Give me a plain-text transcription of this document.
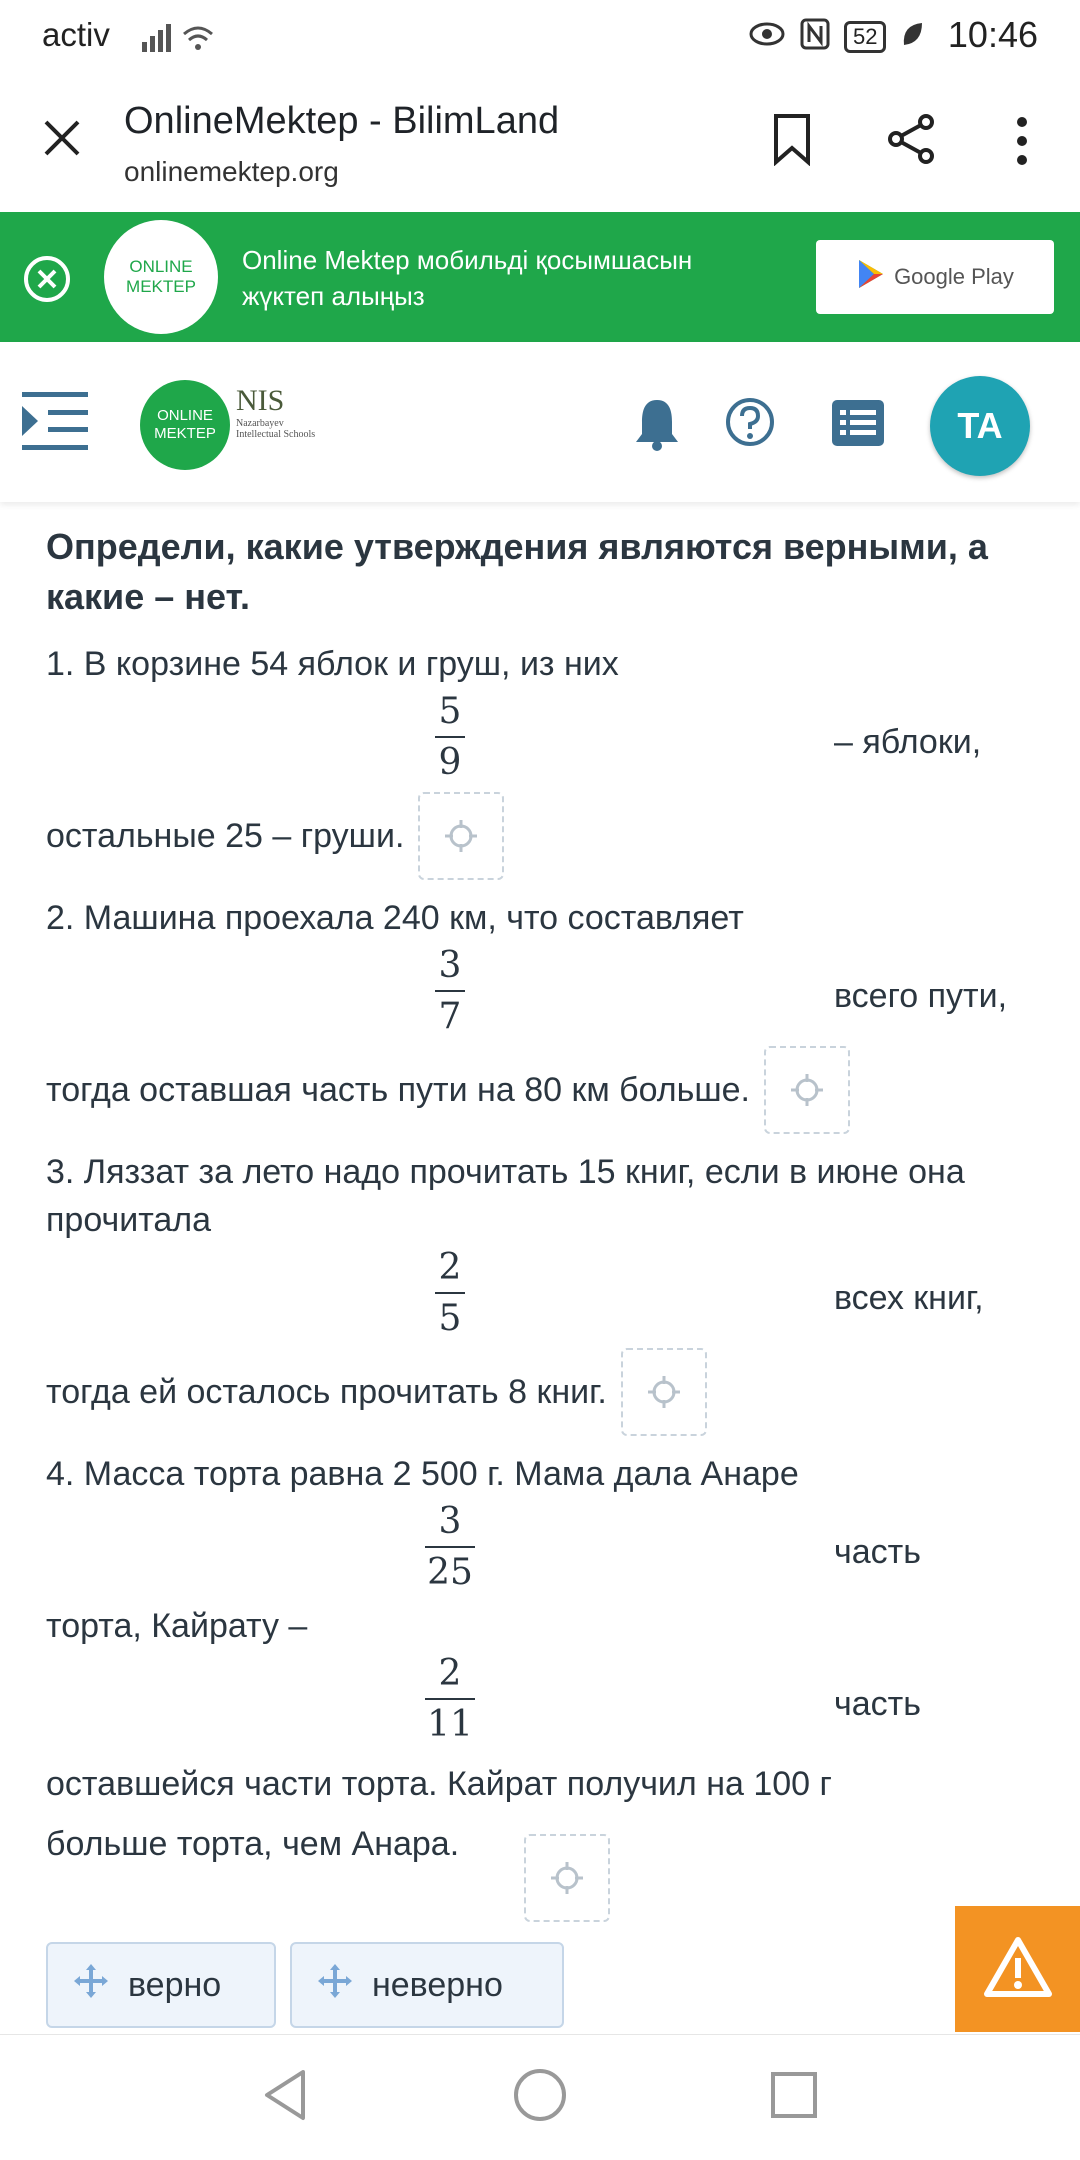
activ	52 10:46
OnlineMektep - BilimLand
onlinemektep.org
ONLINE
MEKTEP
Online Mektep мобильді қосымшасын жүктеп алыңыз
Google Play
ONLINE
MEKTEP
NIS
Nazarbayev Intellectual Schools	TA
Определи, какие утверждения являются верными, а какие – нет.
1. В корзине 54 яблок и груш, из них
5
9	– яблоки,
остальные 25 – груши.
2. Машина проехала 240 км, что составляет
3
7	всего пути,
тогда оставшая часть пути на 80 км больше.
3. Ляззат за лето надо прочитать 15 книг, если в июне она прочитала
2
5	всех книг,
тогда ей осталось прочитать 8 книг.
4. Масса торта равна 2 500 г. Мама дала Анаре
3
25	часть
торта, Кайрату –
2
11	часть
оставшейся части торта. Кайрат получил на 100 г больше торта, чем Анара.
верно	неверно
